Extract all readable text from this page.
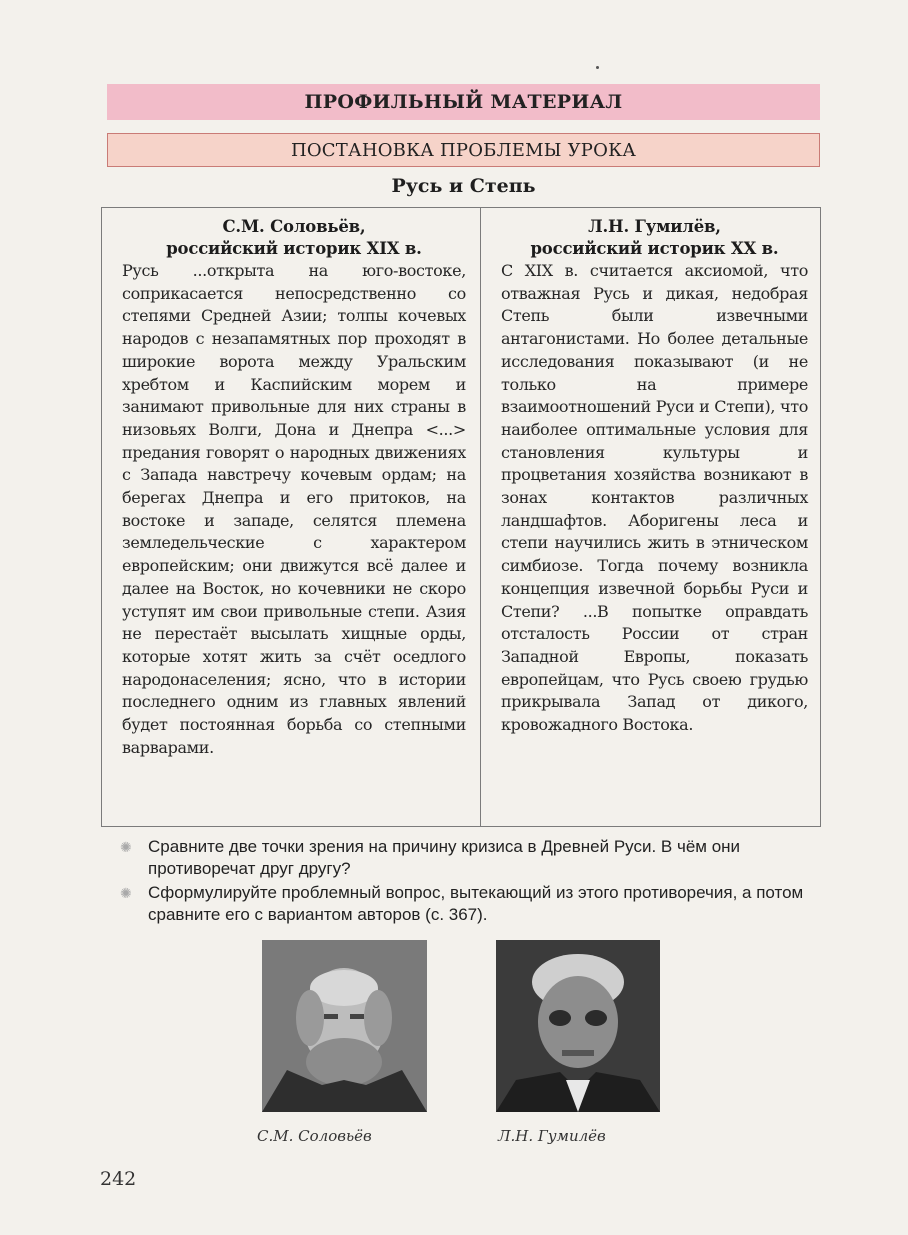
ПРОФИЛЬНЫЙ МАТЕРИАЛ
ПОСТАНОВКА ПРОБЛЕМЫ УРОКА
Русь и Степь
С.М. Соловьёв,
российский историк XIX в.

Русь ...открыта на юго-востоке, соприкасается непосредственно со степями Средней Азии; толпы кочевых народов с незапамятных пор проходят в широкие ворота между Уральским хребтом и Каспийским морем и занимают привольные для них страны в низовьях Волги, Дона и Днепра <...> предания говорят о народных движениях с Запада навстречу кочевым ордам; на берегах Днепра и его притоков, на востоке и западе, селятся племена земледельческие с характером европейским; они движутся всё далее и далее на Восток, но кочевники не скоро уступят им свои привольные степи. Азия не перестаёт высылать хищные орды, которые хотят жить за счёт оседлого народонаселения; ясно, что в истории последнего одним из главных явлений будет постоянная борьба со степными варварами.

Л.Н. Гумилёв,
российский историк XX в.

С XIX в. считается аксиомой, что отважная Русь и дикая, недобрая Степь были извечными антагонистами. Но более детальные исследования показывают (и не только на примере взаимоотношений Руси и Степи), что наиболее оптимальные условия для становления культуры и процветания хозяйства возникают в зонах контактов различных ландшафтов. Аборигены леса и степи научились жить в этническом симбиозе. Тогда почему возникла концепция извечной борьбы Руси и Степи? ...В попытке оправдать отсталость России от стран Западной Европы, показать европейцам, что Русь своею грудью прикрывала Запад от дикого, кровожадного Востока.

✺ Сравните две точки зрения на причину кризиса в Древней Руси. В чём они противоречат друг другу?
✺ Сформулируйте проблемный вопрос, вытекающий из этого противоречия, а потом сравните его с вариантом авторов (с. 367).
С.М. Соловьёв	Л.Н. Гумилёв
242
